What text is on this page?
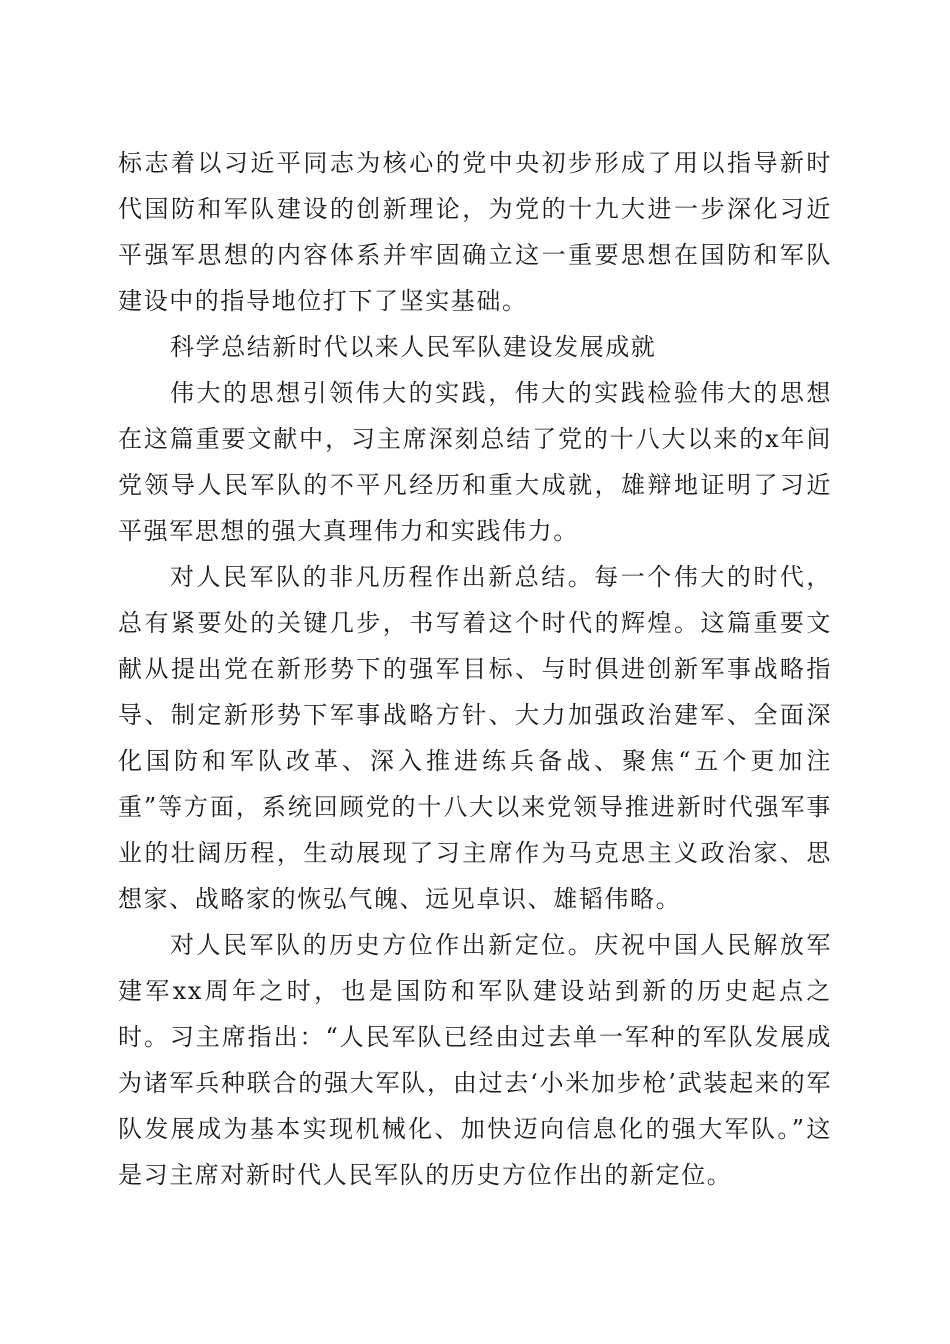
标志着以习近平同志为核心的党中央初步形成了用以指导新时代国防和军队建设的创新理论，为党的十九大进一步深化习近平强军思想的内容体系并牢固确立这一重要思想在国防和军队建设中的指导地位打下了坚实基础。

科学总结新时代以来人民军队建设发展成就

伟大的思想引领伟大的实践，伟大的实践检验伟大的思想在这篇重要文献中，习主席深刻总结了党的十八大以来的x年间党领导人民军队的不平凡经历和重大成就，雄辩地证明了习近平强军思想的强大真理伟力和实践伟力。

对人民军队的非凡历程作出新总结。每一个伟大的时代，总有紧要处的关键几步，书写着这个时代的辉煌。这篇重要文献从提出党在新形势下的强军目标、与时俱进创新军事战略指导、制定新形势下军事战略方针、大力加强政治建军、全面深化国防和军队改革、深入推进练兵备战、聚焦“五个更加注重”等方面，系统回顾党的十八大以来党领导推进新时代强军事业的壮阔历程，生动展现了习主席作为马克思主义政治家、思想家、战略家的恢弘气魄、远见卓识、雄韬伟略。

对人民军队的历史方位作出新定位。庆祝中国人民解放军建军xx周年之时，也是国防和军队建设站到新的历史起点之时。习主席指出：“人民军队已经由过去单一军种的军队发展成为诸军兵种联合的强大军队，由过去‘小米加步枪’武装起来的军队发展成为基本实现机械化、加快迈向信息化的强大军队。”这是习主席对新时代人民军队的历史方位作出的新定位。
